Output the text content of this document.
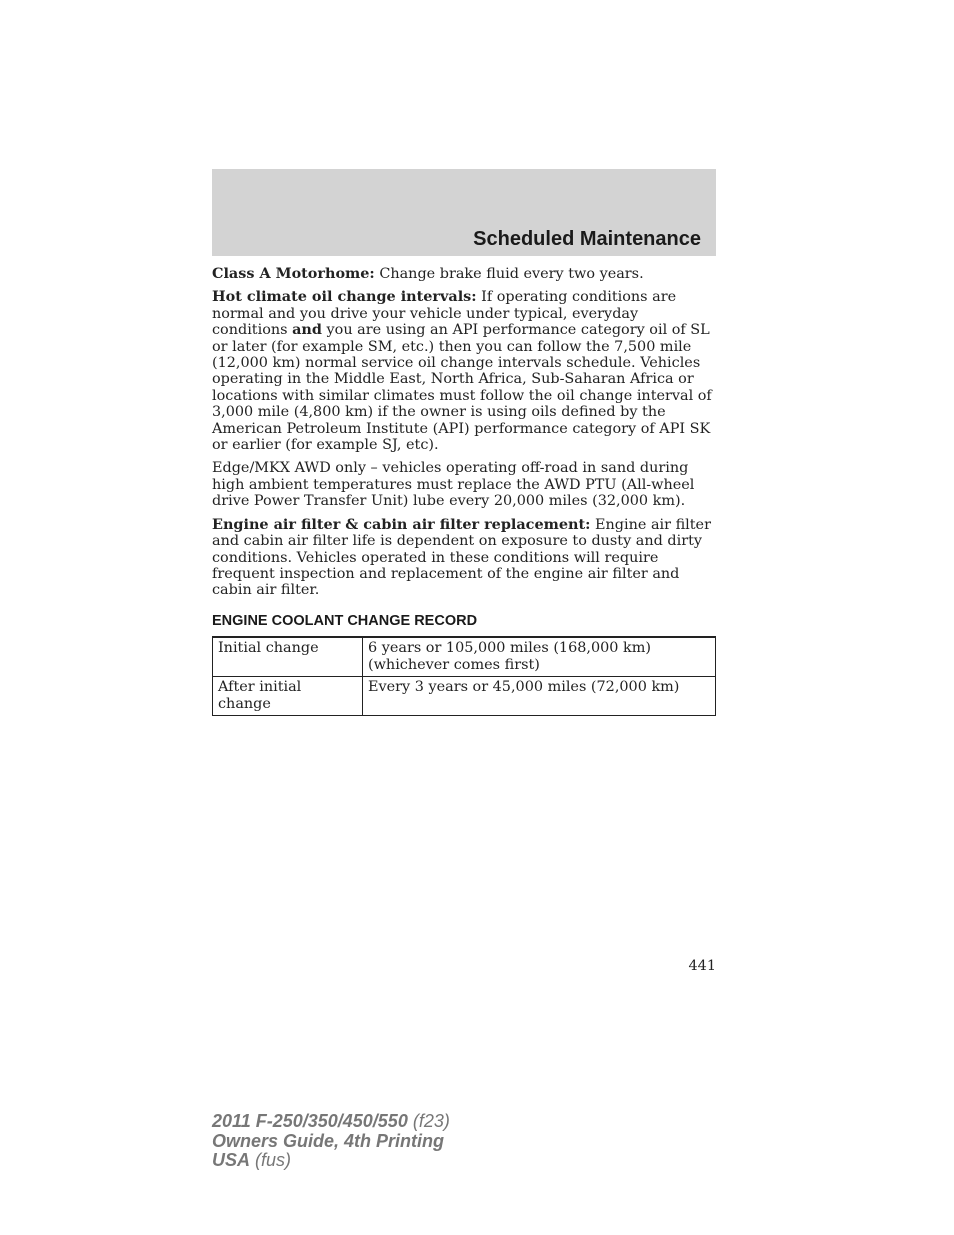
Scheduled Maintenance

Class A Motorhome: Change brake fluid every two years.

Hot climate oil change intervals: If operating conditions are normal and you drive your vehicle under typical, everyday conditions and you are using an API performance category oil of SL or later (for example SM, etc.) then you can follow the 7,500 mile (12,000 km) normal service oil change intervals schedule. Vehicles operating in the Middle East, North Africa, Sub-Saharan Africa or locations with similar climates must follow the oil change interval of 3,000 mile (4,800 km) if the owner is using oils defined by the American Petroleum Institute (API) performance category of API SK or earlier (for example SJ, etc).

Edge/MKX AWD only – vehicles operating off-road in sand during high ambient temperatures must replace the AWD PTU (All-wheel drive Power Transfer Unit) lube every 20,000 miles (32,000 km).

Engine air filter & cabin air filter replacement: Engine air filter and cabin air filter life is dependent on exposure to dusty and dirty conditions. Vehicles operated in these conditions will require frequent inspection and replacement of the engine air filter and cabin air filter.

ENGINE COOLANT CHANGE RECORD
Initial change	6 years or 105,000 miles (168,000 km)
(whichever comes first)
After initial change	Every 3 years or 45,000 miles (72,000 km)
441
2011 F-250/350/450/550 (f23)
Owners Guide, 4th Printing
USA (fus)
